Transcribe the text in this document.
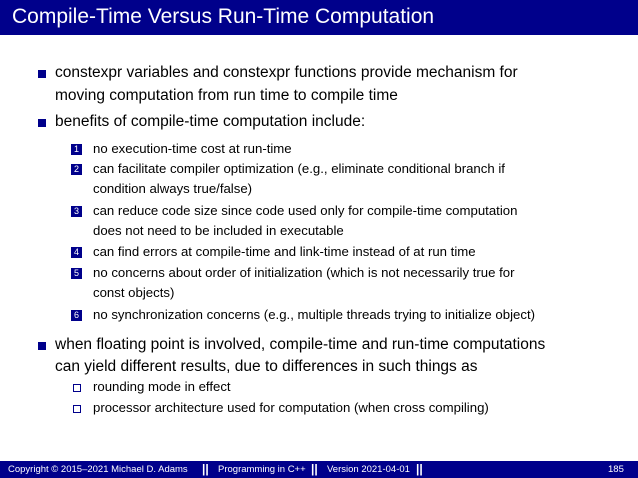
Compile-Time Versus Run-Time Computation
constexpr variables and constexpr functions provide mechanism for
moving computation from run time to compile time
benefits of compile-time computation include:
1 no execution-time cost at run-time
2 can facilitate compiler optimization (e.g., eliminate conditional branch if
condition always true/false)
3 can reduce code size since code used only for compile-time computation
does not need to be included in executable
4 can find errors at compile-time and link-time instead of at run time
5 no concerns about order of initialization (which is not necessarily true for
const objects)
6 no synchronization concerns (e.g., multiple threads trying to initialize object)
when floating point is involved, compile-time and run-time computations
can yield different results, due to differences in such things as
rounding mode in effect
processor architecture used for computation (when cross compiling)
Copyright © 2015–2021 Michael D. Adams || Programming in C++ || Version 2021-04-01 ||	185
